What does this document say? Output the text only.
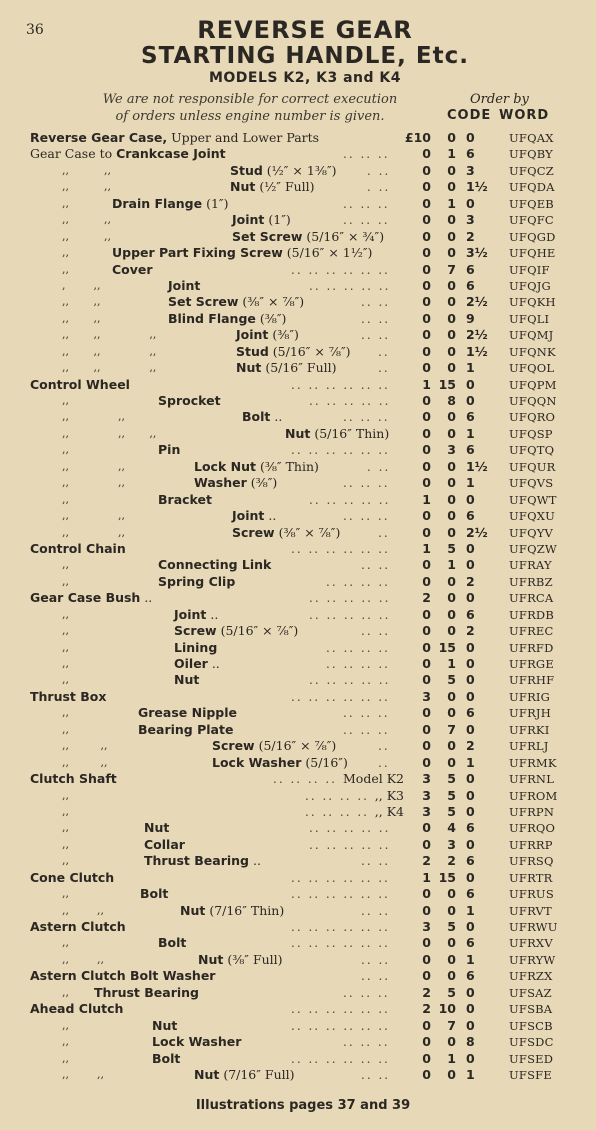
36	REVERSE GEAR
STARTING HANDLE, Etc.
MODELS K2, K3 and K4
We are not responsible for correct execution
of orders unless engine number is given.
Order by
CODE WORD
Reverse Gear Case, Upper and Lower Parts	£10	0 0	UFQAX
Gear Case to Crankcase Joint	.. .. ..	0	1 6	UFQBY
,,          ,,	Stud (½″ × 1⅜″)	. ..	0	0 3	UFQCZ
,,          ,,	Nut (½″ Full)	. ..	0	0 1½ UFQDA
,,	Drain Flange (1″)	.. .. ..	0	1 0	UFQEB
,,          ,,	Joint (1″)	.. .. ..	0	0 3	UFQFC
,,          ,,	Set Screw (5/16″ × ¾″)	0	0 2	UFQGD
,,	Upper Part Fixing Screw (5/16″ × 1½″)	0	0 3½ UFQHE
,,	Cover	.. .. .. .. .. ..	0	7 6	UFQIF
,        ,,	Joint	.. .. .. .. ..	0	0 6	UFQJG
,,       ,,	Set Screw (⅜″ × ⅞″)	.. ..	0	0 2½ UFQKH
,,       ,,	Blind Flange (⅜″)	.. ..	0	0 9	UFQLI
,,       ,,              ,,	Joint (⅜″)	.. ..	0	0 2½ UFQMJ
,,       ,,              ,,	Stud (5/16″ × ⅞″) ..	0	0 1½ UFQNK
,,       ,,              ,,	Nut (5/16″ Full)	..	0	0 1	UFQOL
Control Wheel	.. .. .. .. .. ..	1 15 0	UFQPM
,,	Sprocket	.. .. .. .. ..	0	8 0	UFQQN
,,              ,,	Bolt ..	.. .. ..	0	0 6	UFQRO
,,              ,,       ,,	Nut (5/16″ Thin)	0	0 1	UFQSP
,,	Pin	.. .. .. .. .. ..	0	3 6	UFQTQ
,,              ,,	Lock Nut (⅜″ Thin)	. ..	0	0 1½ UFQUR
,,              ,,	Washer (⅜″)	.. .. ..	0	0 1	UFQVS
,,	Bracket	.. .. .. .. ..	1	0 0	UFQWT
,,              ,,	Joint ..	.. .. ..	0	0 6	UFQXU
,,              ,,	Screw (⅜″ × ⅞″)	..	0	0 2½ UFQYV
Control Chain	.. .. .. .. .. ..	1	5 0	UFQZW
,,	Connecting Link	.. ..	0	1 0	UFRAY
,,	Spring Clip	.. .. .. ..	0	0 2	UFRBZ
Gear Case Bush ..	.. .. .. .. ..	2	0 0	UFRCA
,,	Joint ..	.. .. .. .. ..	0	0 6	UFRDB
,,	Screw (5/16″ × ⅞″)	.. ..	0	0 2	UFREC
,,	Lining	.. .. .. ..	0 15 0	UFRFD
,,	Oiler ..	.. .. .. ..	0	1 0	UFRGE
,,	Nut	.. .. .. .. ..	0	5 0	UFRHF
Thrust Box	.. .. .. .. .. ..	3	0 0	UFRIG
,,	Grease Nipple	.. .. ..	0	0 6	UFRJH
,,	Bearing Plate	.. .. ..	0	7 0	UFRKI
,,         ,,	Screw (5/16″ × ⅞″)	..	0	0 2	UFRLJ
,,         ,,	Lock Washer (5/16″)	..	0	0 1	UFRMK
Clutch Shaft	.. .. .. .. Model K2 3	5 0	UFRNL
,,	.. .. .. .. ,, K3 3	5 0	UFROM
,,	.. .. .. .. ,, K4 3	5 0	UFRPN
,,	Nut	.. .. .. .. ..	0	4 6	UFRQO
,,	Collar	.. .. .. .. ..	0	3 0	UFRRP
,,	Thrust Bearing ..	.. ..	2	2 6	UFRSQ
Cone Clutch	.. .. .. .. .. ..	1 15 0	UFRTR
,,	Bolt	.. .. .. .. .. ..	0	0 6	UFRUS
,,        ,,	Nut (7/16″ Thin)	.. ..	0	0 1	UFRVT
Astern Clutch	.. .. .. .. .. ..	3	5 0	UFRWU
,,	Bolt	.. .. .. .. .. ..	0	0 6	UFRXV
,,        ,,	Nut (⅜″ Full)	.. ..	0	0 1	UFRYW
Astern Clutch Bolt Washer	.. ..	0	0 6	UFRZX
,, Thrust Bearing	.. .. ..	2	5 0	UFSAZ
Ahead Clutch	.. .. .. .. .. ..	2 10 0	UFSBA
,,	Nut	.. .. .. .. .. ..	0	7 0	UFSCB
,,	Lock Washer	.. .. ..	0	0 8	UFSDC
,,	Bolt	.. .. .. .. .. ..	0	1 0	UFSED
,,        ,,	Nut (7/16″ Full)	.. ..	0	0 1	UFSFE
Illustrations pages 37 and 39
